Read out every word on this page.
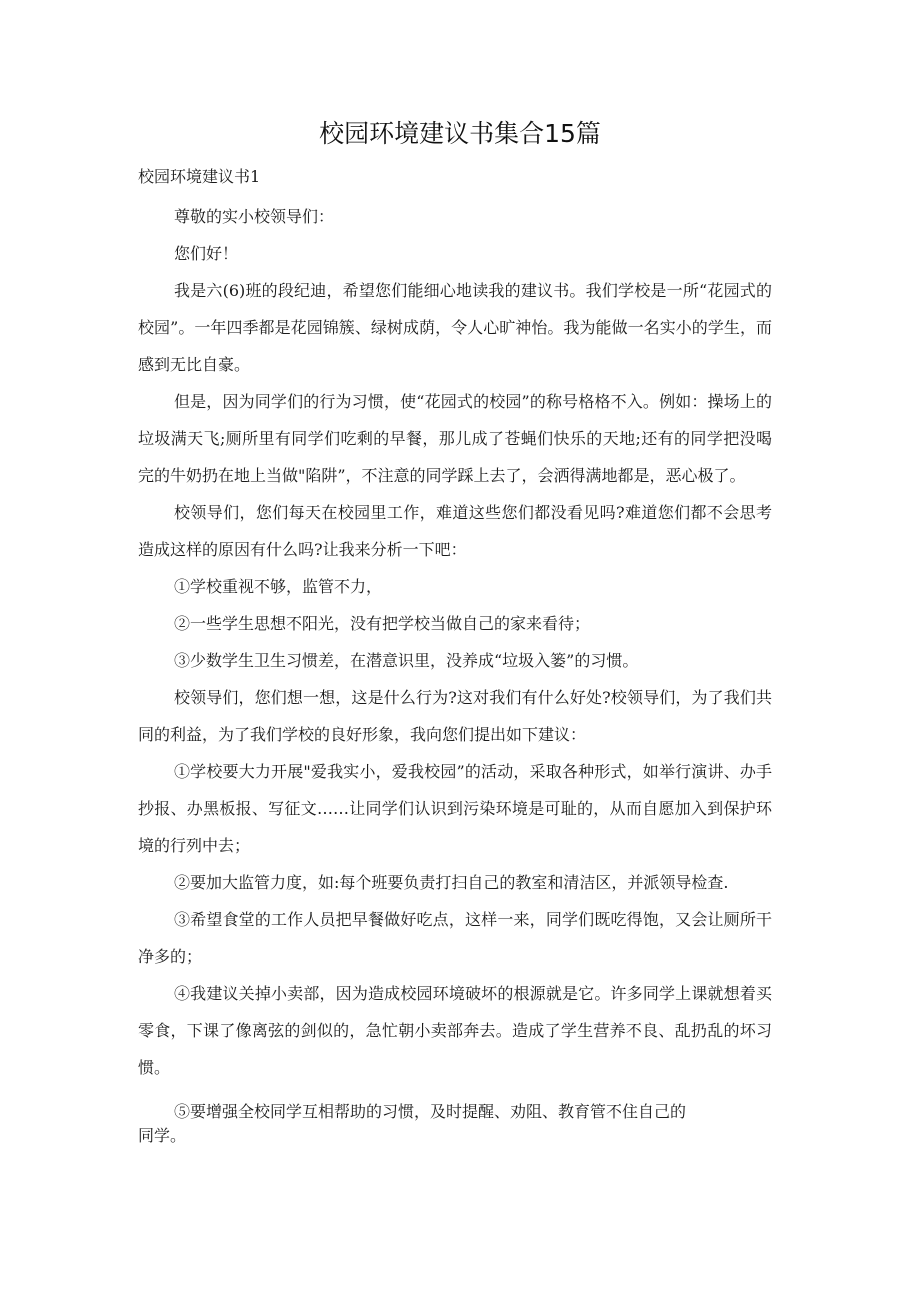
校园环境建议书集合15篇

校园环境建议书1

尊敬的实小校领导们：

您们好！

我是六(6)班的段纪迪，希望您们能细心地读我的建议书。我们学校是一所“花园式的校园”。一年四季都是花园锦簇、绿树成荫，令人心旷神怡。我为能做一名实小的学生，而感到无比自豪。

但是，因为同学们的行为习惯，使“花园式的校园”的称号格格不入。例如：操场上的垃圾满天飞;厕所里有同学们吃剩的早餐，那儿成了苍蝇们快乐的天地;还有的同学把没喝完的牛奶扔在地上当做"陷阱”，不注意的同学踩上去了，会洒得满地都是，恶心极了。

校领导们，您们每天在校园里工作，难道这些您们都没看见吗?难道您们都不会思考造成这样的原因有什么吗?让我来分析一下吧：

①学校重视不够，监管不力，

②一些学生思想不阳光，没有把学校当做自己的家来看待；

③少数学生卫生习惯差，在潜意识里，没养成“垃圾入篓”的习惯。

校领导们，您们想一想，这是什么行为?这对我们有什么好处?校领导们，为了我们共同的利益，为了我们学校的良好形象，我向您们提出如下建议：

①学校要大力开展"爱我实小，爱我校园”的活动，采取各种形式，如举行演讲、办手抄报、办黑板报、写征文……让同学们认识到污染环境是可耻的，从而自愿加入到保护环境的行列中去；

②要加大监管力度，如:每个班要负责打扫自己的教室和清洁区，并派领导检查.

③希望食堂的工作人员把早餐做好吃点，这样一来，同学们既吃得饱，又会让厕所干净多的；

④我建议关掉小卖部，因为造成校园环境破坏的根源就是它。许多同学上课就想着买零食，下课了像离弦的剑似的，急忙朝小卖部奔去。造成了学生营养不良、乱扔乱的坏习惯。

⑤要增强全校同学互相帮助的习惯，及时提醒、劝阻、教育管不住自己的

同学。
